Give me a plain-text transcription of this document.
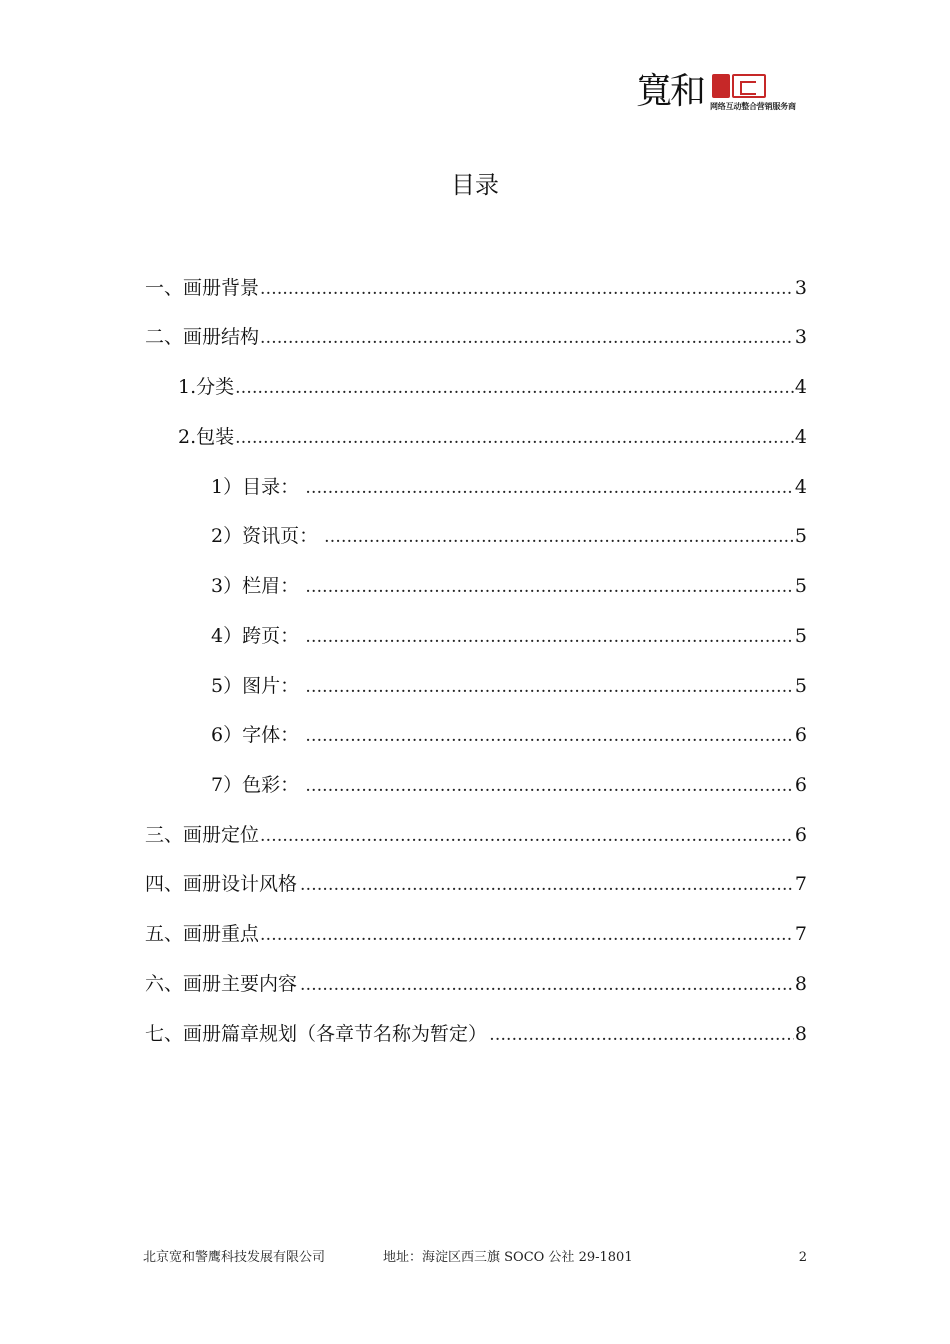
寬和 网络互动整合营销服务商
目录
一、画册背景 .....	3
二、画册结构 .....	3
1.分类 .....	4
2.包装 .....	4
1）目录： .....	4
2）资讯页： .....	5
3）栏眉： .....	5
4）跨页： .....	5
5）图片： .....	5
6）字体： .....	6
7）色彩： .....	6
三、画册定位 .....	6
四、画册设计风格 .....	7
五、画册重点 .....	7
六、画册主要内容 .....	8
七、画册篇章规划（各章节名称为暂定） .....	8
北京宽和警鹰科技发展有限公司	地址：海淀区西三旗 SOCO 公社 29-1801	2
